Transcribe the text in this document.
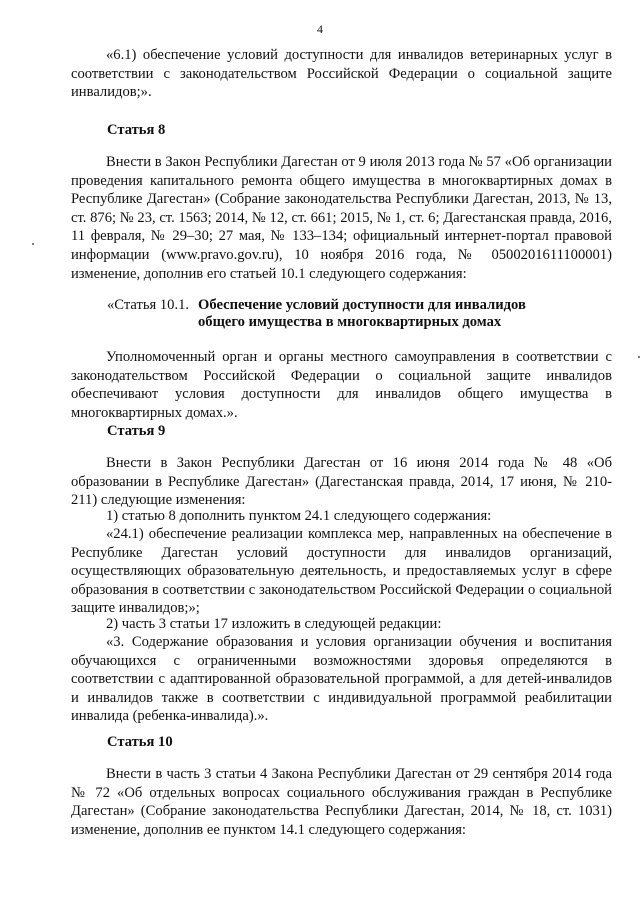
4

«6.1) обеспечение условий доступности для инвалидов ветеринарных услуг в соответствии с законодательством Российской Федерации о социальной защите инвалидов;».

Статья 8

Внести в Закон Республики Дагестан от 9 июля 2013 года № 57 «Об организации проведения капитального ремонта общего имущества в многоквартирных домах в Республике Дагестан» (Собрание законодательства Республики Дагестан, 2013, № 13, ст. 876; № 23, ст. 1563; 2014, № 12, ст. 661; 2015, № 1, ст. 6; Дагестанская правда, 2016, 11 февраля, № 29–30; 27 мая, № 133–134; официальный интернет-портал правовой информации (www.pravo.gov.ru), 10 ноября 2016 года, № 0500201611100001) изменение, дополнив его статьей 10.1 следующего содержания:

«Статья 10.1. Обеспечение условий доступности для инвалидов
общего имущества в многоквартирных домах

Уполномоченный орган и органы местного самоуправления в соответствии с законодательством Российской Федерации о социальной защите инвалидов обеспечивают условия доступности для инвалидов общего имущества в многоквартирных домах.».

Статья 9

Внести в Закон Республики Дагестан от 16 июня 2014 года № 48 «Об образовании в Республике Дагестан» (Дагестанская правда, 2014, 17 июня, № 210-211) следующие изменения:

1) статью 8 дополнить пунктом 24.1 следующего содержания:

«24.1) обеспечение реализации комплекса мер, направленных на обеспечение в Республике Дагестан условий доступности для инвалидов организаций, осуществляющих образовательную деятельность, и предоставляемых услуг в сфере образования в соответствии с законодательством Российской Федерации о социальной защите инвалидов;»;

2) часть 3 статьи 17 изложить в следующей редакции:

«3. Содержание образования и условия организации обучения и воспитания обучающихся с ограниченными возможностями здоровья определяются в соответствии с адаптированной образовательной программой, а для детей-инвалидов и инвалидов также в соответствии с индивидуальной программой реабилитации инвалида (ребенка-инвалида).».

Статья 10

Внести в часть 3 статьи 4 Закона Республики Дагестан от 29 сентября 2014 года № 72 «Об отдельных вопросах социального обслуживания граждан в Республике Дагестан» (Собрание законодательства Республики Дагестан, 2014, № 18, ст. 1031) изменение, дополнив ее пунктом 14.1 следующего содержания:
